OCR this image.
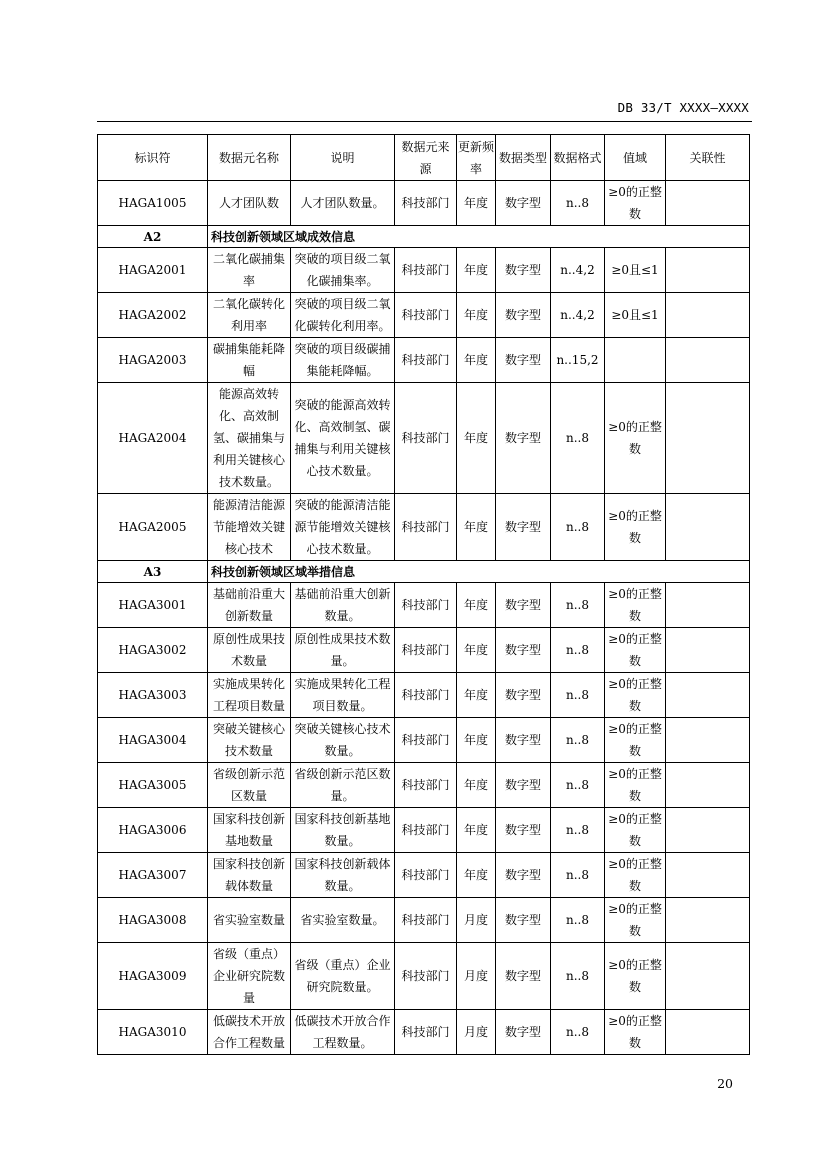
DB 33/T XXXX—XXXX
标识符	数据元名称	说明	数据元来源	更新频率	数据类型	数据格式	值域	关联性
HAGA1005	人才团队数	人才团队数量。	科技部门	年度	数字型	n..8	≥0的正整数	
A2	科技创新领域区域成效信息							
HAGA2001	二氧化碳捕集率	突破的项目级二氧化碳捕集率。	科技部门	年度	数字型	n..4,2	≥0且≤1	
HAGA2002	二氧化碳转化利用率	突破的项目级二氧化碳转化利用率。	科技部门	年度	数字型	n..4,2	≥0且≤1	
HAGA2003	碳捕集能耗降幅	突破的项目级碳捕集能耗降幅。	科技部门	年度	数字型	n..15,2		
HAGA2004	能源高效转化、高效制氢、碳捕集与利用关键核心技术数量。	突破的能源高效转化、高效制氢、碳捕集与利用关键核心技术数量。	科技部门	年度	数字型	n..8	≥0的正整数	
HAGA2005	能源清洁能源节能增效关键核心技术	突破的能源清洁能源节能增效关键核心技术数量。	科技部门	年度	数字型	n..8	≥0的正整数	
A3	科技创新领域区域举措信息							
HAGA3001	基础前沿重大创新数量	基础前沿重大创新数量。	科技部门	年度	数字型	n..8	≥0的正整数	
HAGA3002	原创性成果技术数量	原创性成果技术数量。	科技部门	年度	数字型	n..8	≥0的正整数	
HAGA3003	实施成果转化工程项目数量	实施成果转化工程项目数量。	科技部门	年度	数字型	n..8	≥0的正整数	
HAGA3004	突破关键核心技术数量	突破关键核心技术数量。	科技部门	年度	数字型	n..8	≥0的正整数	
HAGA3005	省级创新示范区数量	省级创新示范区数量。	科技部门	年度	数字型	n..8	≥0的正整数	
HAGA3006	国家科技创新基地数量	国家科技创新基地数量。	科技部门	年度	数字型	n..8	≥0的正整数	
HAGA3007	国家科技创新载体数量	国家科技创新载体数量。	科技部门	年度	数字型	n..8	≥0的正整数	
HAGA3008	省实验室数量	省实验室数量。	科技部门	月度	数字型	n..8	≥0的正整数	
HAGA3009	省级（重点）企业研究院数量	省级（重点）企业研究院数量。	科技部门	月度	数字型	n..8	≥0的正整数	
HAGA3010	低碳技术开放合作工程数量	低碳技术开放合作工程数量。	科技部门	月度	数字型	n..8	≥0的正整数	
20
